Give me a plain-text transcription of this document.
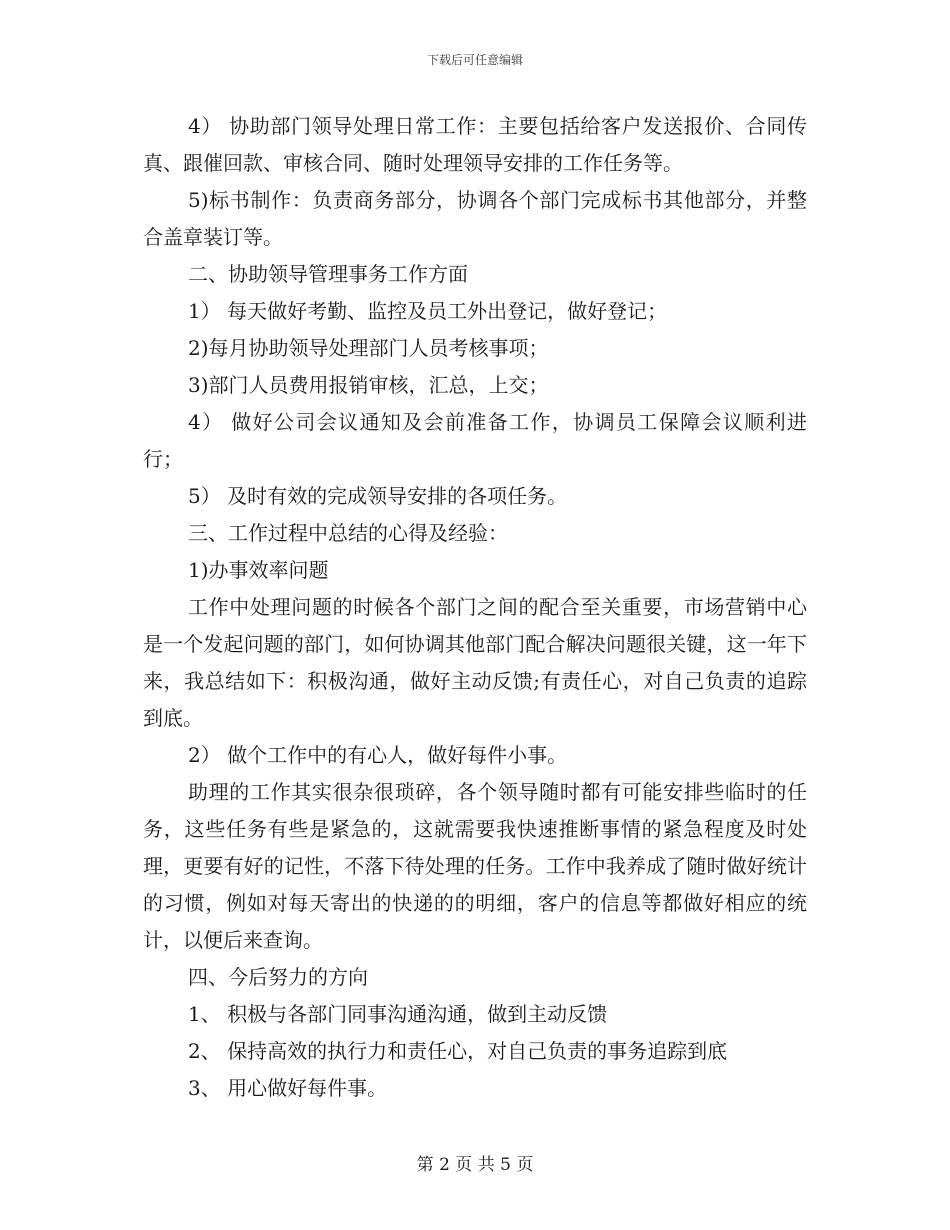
下载后可任意编辑

4） 协助部门领导处理日常工作：主要包括给客户发送报价、合同传真、跟催回款、审核合同、随时处理领导安排的工作任务等。

5)标书制作：负责商务部分，协调各个部门完成标书其他部分，并整合盖章装订等。

二、协助领导管理事务工作方面

1） 每天做好考勤、监控及员工外出登记，做好登记；

2)每月协助领导处理部门人员考核事项；

3)部门人员费用报销审核，汇总，上交；

4） 做好公司会议通知及会前准备工作，协调员工保障会议顺利进行；

5） 及时有效的完成领导安排的各项任务。

三、工作过程中总结的心得及经验：

1)办事效率问题

工作中处理问题的时候各个部门之间的配合至关重要，市场营销中心是一个发起问题的部门，如何协调其他部门配合解决问题很关键，这一年下来，我总结如下：积极沟通，做好主动反馈;有责任心，对自己负责的追踪到底。

2） 做个工作中的有心人，做好每件小事。

助理的工作其实很杂很琐碎，各个领导随时都有可能安排些临时的任务，这些任务有些是紧急的，这就需要我快速推断事情的紧急程度及时处理，更要有好的记性，不落下待处理的任务。工作中我养成了随时做好统计的习惯，例如对每天寄出的快递的的明细，客户的信息等都做好相应的统计，以便后来查询。

四、今后努力的方向

1、 积极与各部门同事沟通沟通，做到主动反馈

2、 保持高效的执行力和责任心，对自己负责的事务追踪到底

3、 用心做好每件事。

第 2 页 共 5 页
